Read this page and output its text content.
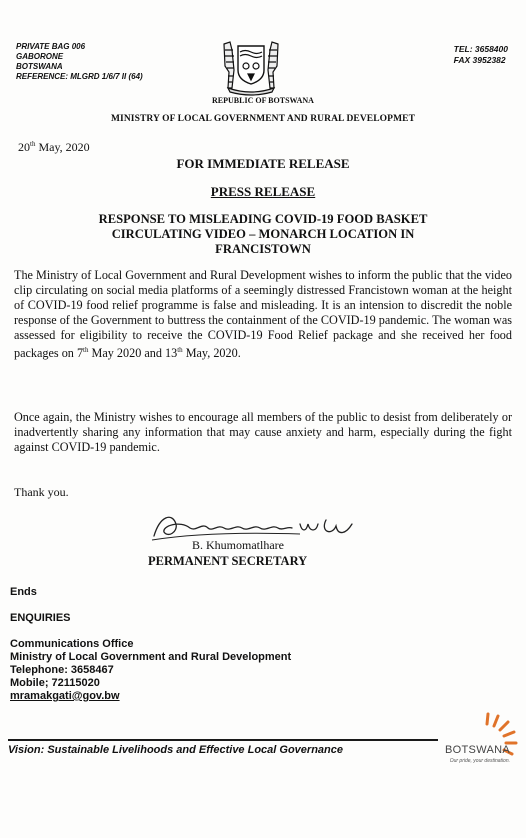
PRIVATE BAG 006
GABORONE
BOTSWANA
REFERENCE: MLGRD 1/6/7 II (64)
TEL: 3658400
FAX 3952382
REPUBLIC OF BOTSWANA
MINISTRY OF LOCAL GOVERNMENT AND RURAL DEVELOPMET
20th May, 2020
FOR IMMEDIATE RELEASE
PRESS RELEASE
RESPONSE TO MISLEADING COVID-19 FOOD BASKET
CIRCULATING VIDEO – MONARCH LOCATION IN
FRANCISTOWN
The Ministry of Local Government and Rural Development wishes to inform the public that the video clip circulating on social media platforms of a seemingly distressed Francistown woman at the height of COVID-19 food relief programme is false and misleading. It is an intension to discredit the noble response of the Government to buttress the containment of the COVID-19 pandemic. The woman was assessed for eligibility to receive the COVID-19 Food Relief package and she received her food packages on 7th May 2020 and 13th May, 2020.
Once again, the Ministry wishes to encourage all members of the public to desist from deliberately or inadvertently sharing any information that may cause anxiety and harm, especially during the fight against COVID-19 pandemic.
Thank you.
B. Khumomatlhare
PERMANENT SECRETARY
Ends
ENQUIRIES
Communications Office
Ministry of Local Government and Rural Development
Telephone: 3658467
Mobile; 72115020
mramakgati@gov.bw
Vision: Sustainable Livelihoods and Effective Local Governance	BOTSWANA
Our pride, your destination.
